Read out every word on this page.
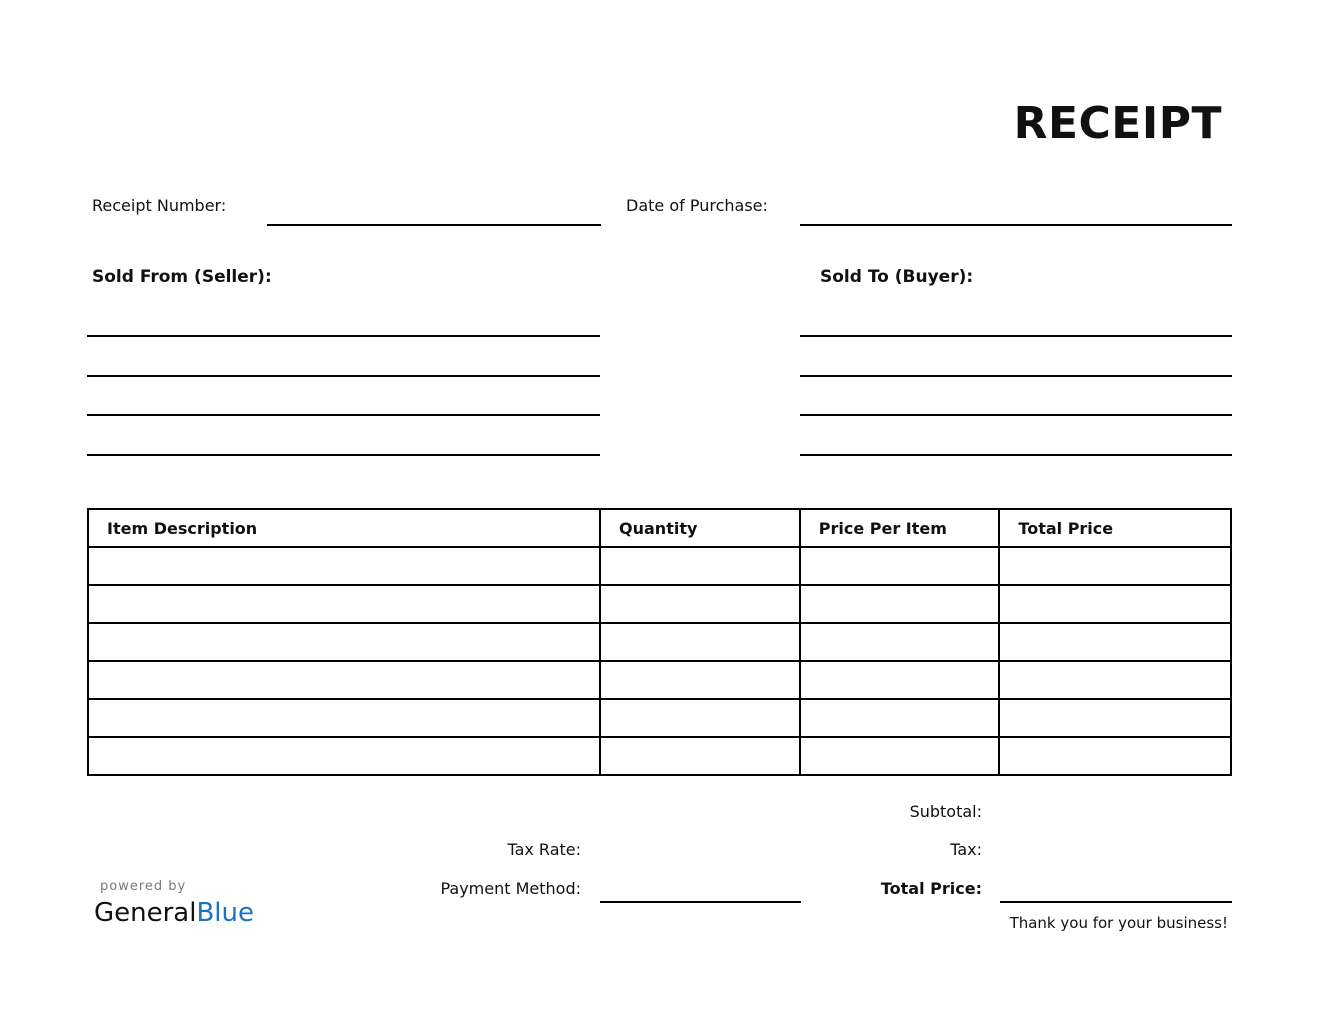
RECEIPT
Receipt Number:	Date of Purchase:
Sold From (Seller):	Sold To (Buyer):
Item Description	Quantity	Price Per Item	Total Price

Subtotal:
Tax Rate:	Tax:
Payment Method:	Total Price:
Thank you for your business!
powered by
GeneralBlue
